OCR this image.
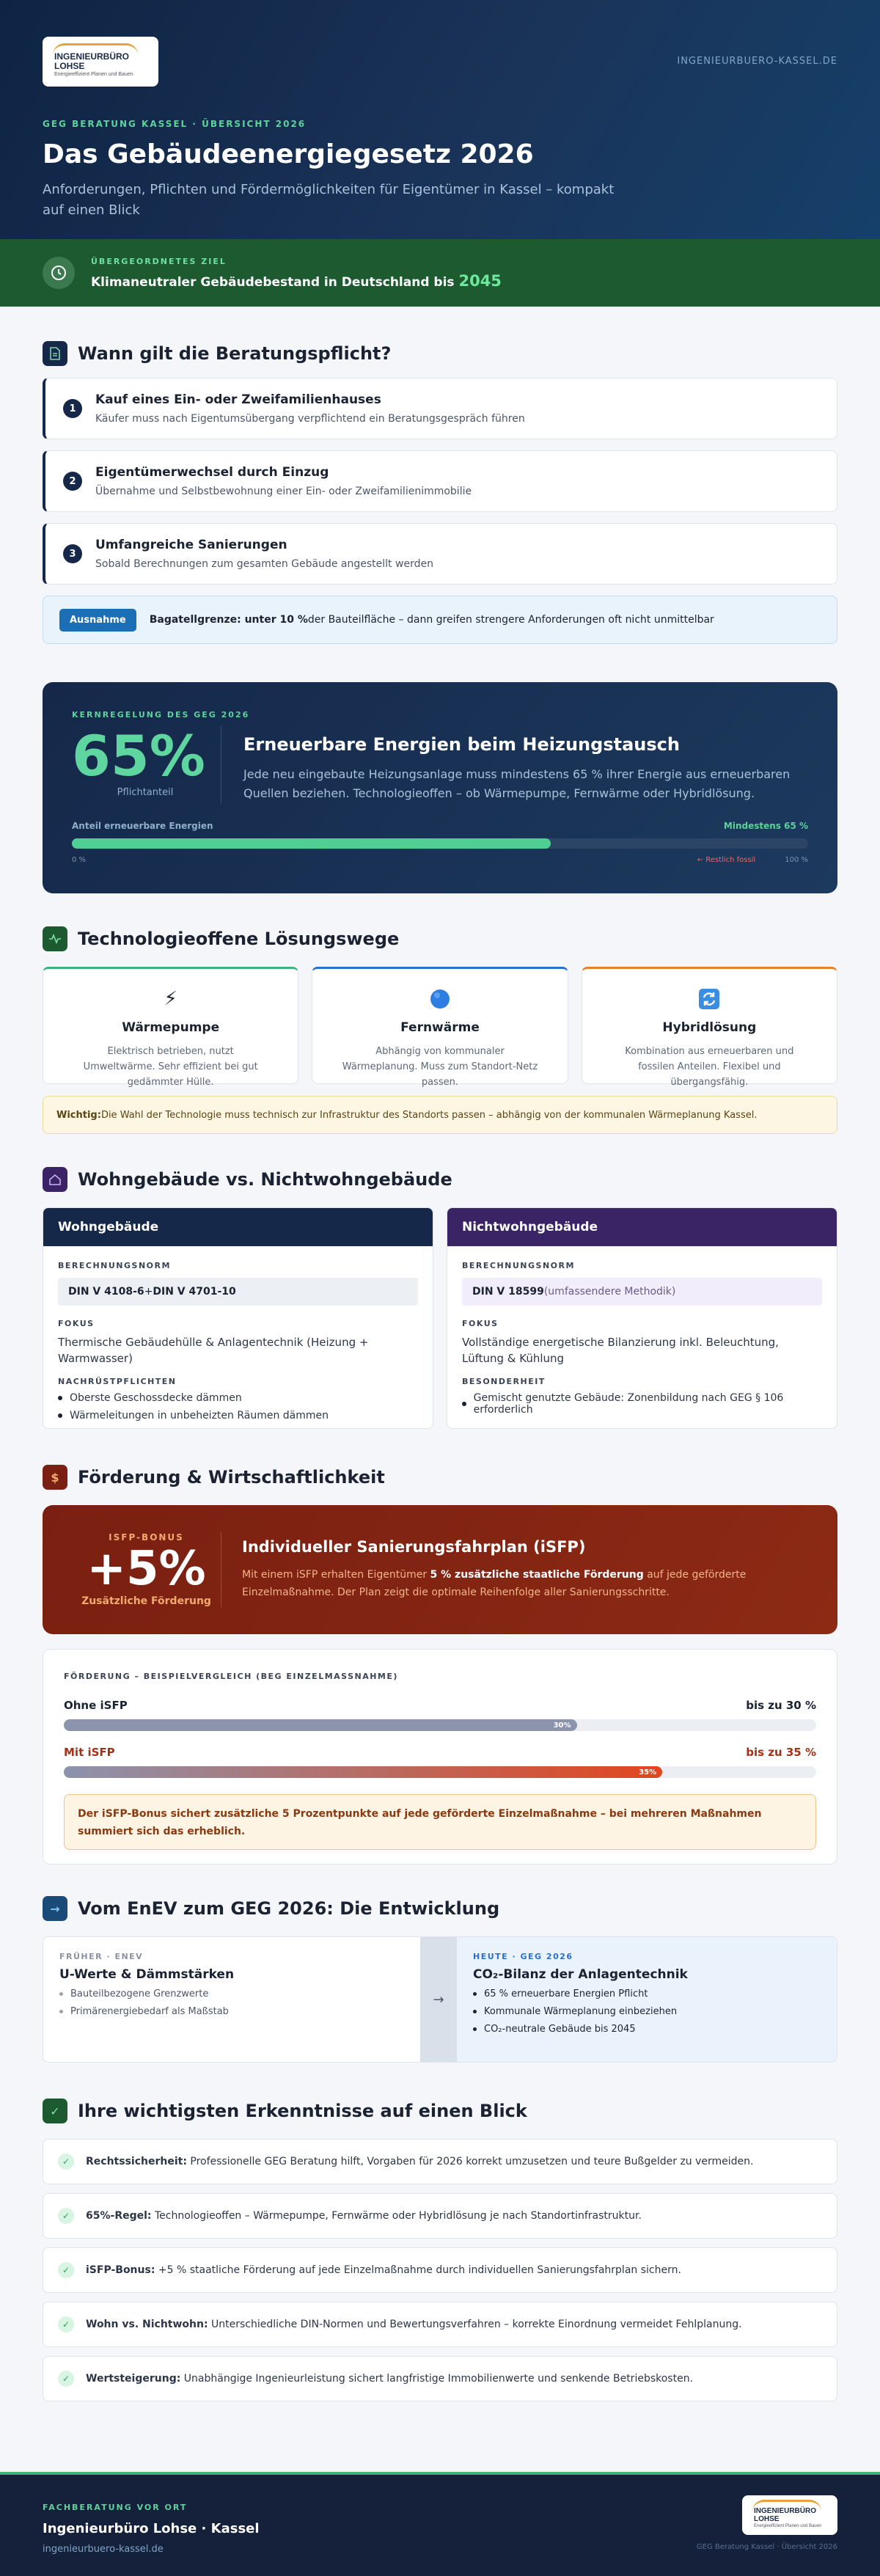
INGENIEURBÜRO
LOHSE
Energieeffizient Planen und Bauen
INGENIEURBUERO-KASSEL.DE
GEG BERATUNG KASSEL · ÜBERSICHT 2026
Das Gebäudeenergiegesetz 2026
Anforderungen, Pflichten und Fördermöglichkeiten für Eigentümer in Kassel – kompakt auf einen Blick
ÜBERGEORDNETES ZIEL
Klimaneutraler Gebäudebestand in Deutschland bis 2045
Wann gilt die Beratungspflicht?
1
Kauf eines Ein- oder Zweifamilienhauses
Käufer muss nach Eigentumsübergang verpflichtend ein Beratungsgespräch führen
2
Eigentümerwechsel durch Einzug
Übernahme und Selbstbewohnung einer Ein- oder Zweifamilienimmobilie
3
Umfangreiche Sanierungen
Sobald Berechnungen zum gesamten Gebäude angestellt werden
Ausnahme	Bagatellgrenze: unter 10 % der Bauteilfläche – dann greifen strengere Anforderungen oft nicht unmittelbar
KERNREGELUNG DES GEG 2026
65%
Pflichtanteil
Erneuerbare Energien beim Heizungstausch
Jede neu eingebaute Heizungsanlage muss mindestens 65 % ihrer Energie aus erneuerbaren Quellen beziehen. Technologieoffen – ob Wärmepumpe, Fernwärme oder Hybridlösung.
Anteil erneuerbare Energien	Mindestens 65 %
0 %	← Restlich fossil	100 %
Technologieoffene Lösungswege
⚡
Wärmepumpe
Elektrisch betrieben, nutzt Umweltwärme. Sehr effizient bei gut gedämmter Hülle.
Fernwärme
Abhängig von kommunaler Wärmeplanung. Muss zum Standort-Netz passen.
Hybridlösung
Kombination aus erneuerbaren und fossilen Anteilen. Flexibel und übergangsfähig.
Wichtig: Die Wahl der Technologie muss technisch zur Infrastruktur des Standorts passen – abhängig von der kommunalen Wärmeplanung Kassel.
Wohngebäude vs. Nichtwohngebäude
Wohngebäude
BERECHNUNGSNORM
DIN V 4108-6 + DIN V 4701-10
FOKUS
Thermische Gebäudehülle & Anlagentechnik (Heizung + Warmwasser)
NACHRÜSTPFLICHTEN
Oberste Geschossdecke dämmen
Wärmeleitungen in unbeheizten Räumen dämmen
Nichtwohngebäude
BERECHNUNGSNORM
DIN V 18599 (umfassendere Methodik)
FOKUS
Vollständige energetische Bilanzierung inkl. Beleuchtung, Lüftung & Kühlung
BESONDERHEIT
Gemischt genutzte Gebäude: Zonenbildung nach GEG § 106 erforderlich
$ Förderung & Wirtschaftlichkeit
ISFP-BONUS
+5%
Zusätzliche Förderung
Individueller Sanierungsfahrplan (iSFP)
Mit einem iSFP erhalten Eigentümer 5 % zusätzliche staatliche Förderung auf jede geförderte Einzelmaßnahme. Der Plan zeigt die optimale Reihenfolge aller Sanierungsschritte.
FÖRDERUNG – BEISPIELVERGLEICH (BEG EINZELMASSNAHME)
Ohne iSFP	bis zu 30 %
30%
Mit iSFP	bis zu 35 %
35%
Der iSFP-Bonus sichert zusätzliche 5 Prozentpunkte auf jede geförderte Einzelmaßnahme – bei mehreren Maßnahmen summiert sich das erheblich.
→ Vom EnEV zum GEG 2026: Die Entwicklung
FRÜHER · ENEV
U-Werte & Dämmstärken
Bauteilbezogene Grenzwerte
Primärenergiebedarf als Maßstab
→
HEUTE · GEG 2026
CO₂-Bilanz der Anlagentechnik
65 % erneuerbare Energien Pflicht
Kommunale Wärmeplanung einbeziehen
CO₂-neutrale Gebäude bis 2045
✓ Ihre wichtigsten Erkenntnisse auf einen Blick
✓	Rechtssicherheit: Professionelle GEG Beratung hilft, Vorgaben für 2026 korrekt umzusetzen und teure Bußgelder zu vermeiden.
✓	65%-Regel: Technologieoffen – Wärmepumpe, Fernwärme oder Hybridlösung je nach Standortinfrastruktur.
✓	iSFP-Bonus: +5 % staatliche Förderung auf jede Einzelmaßnahme durch individuellen Sanierungsfahrplan sichern.
✓	Wohn vs. Nichtwohn: Unterschiedliche DIN-Normen und Bewertungsverfahren – korrekte Einordnung vermeidet Fehlplanung.
✓	Wertsteigerung: Unabhängige Ingenieurleistung sichert langfristige Immobilienwerte und senkende Betriebskosten.
FACHBERATUNG VOR ORT
Ingenieurbüro Lohse · Kassel
ingenieurbuero-kassel.de
INGENIEURBÜRO
LOHSE
Energieeffizient Planen und Bauen
GEG Beratung Kassel · Übersicht 2026
